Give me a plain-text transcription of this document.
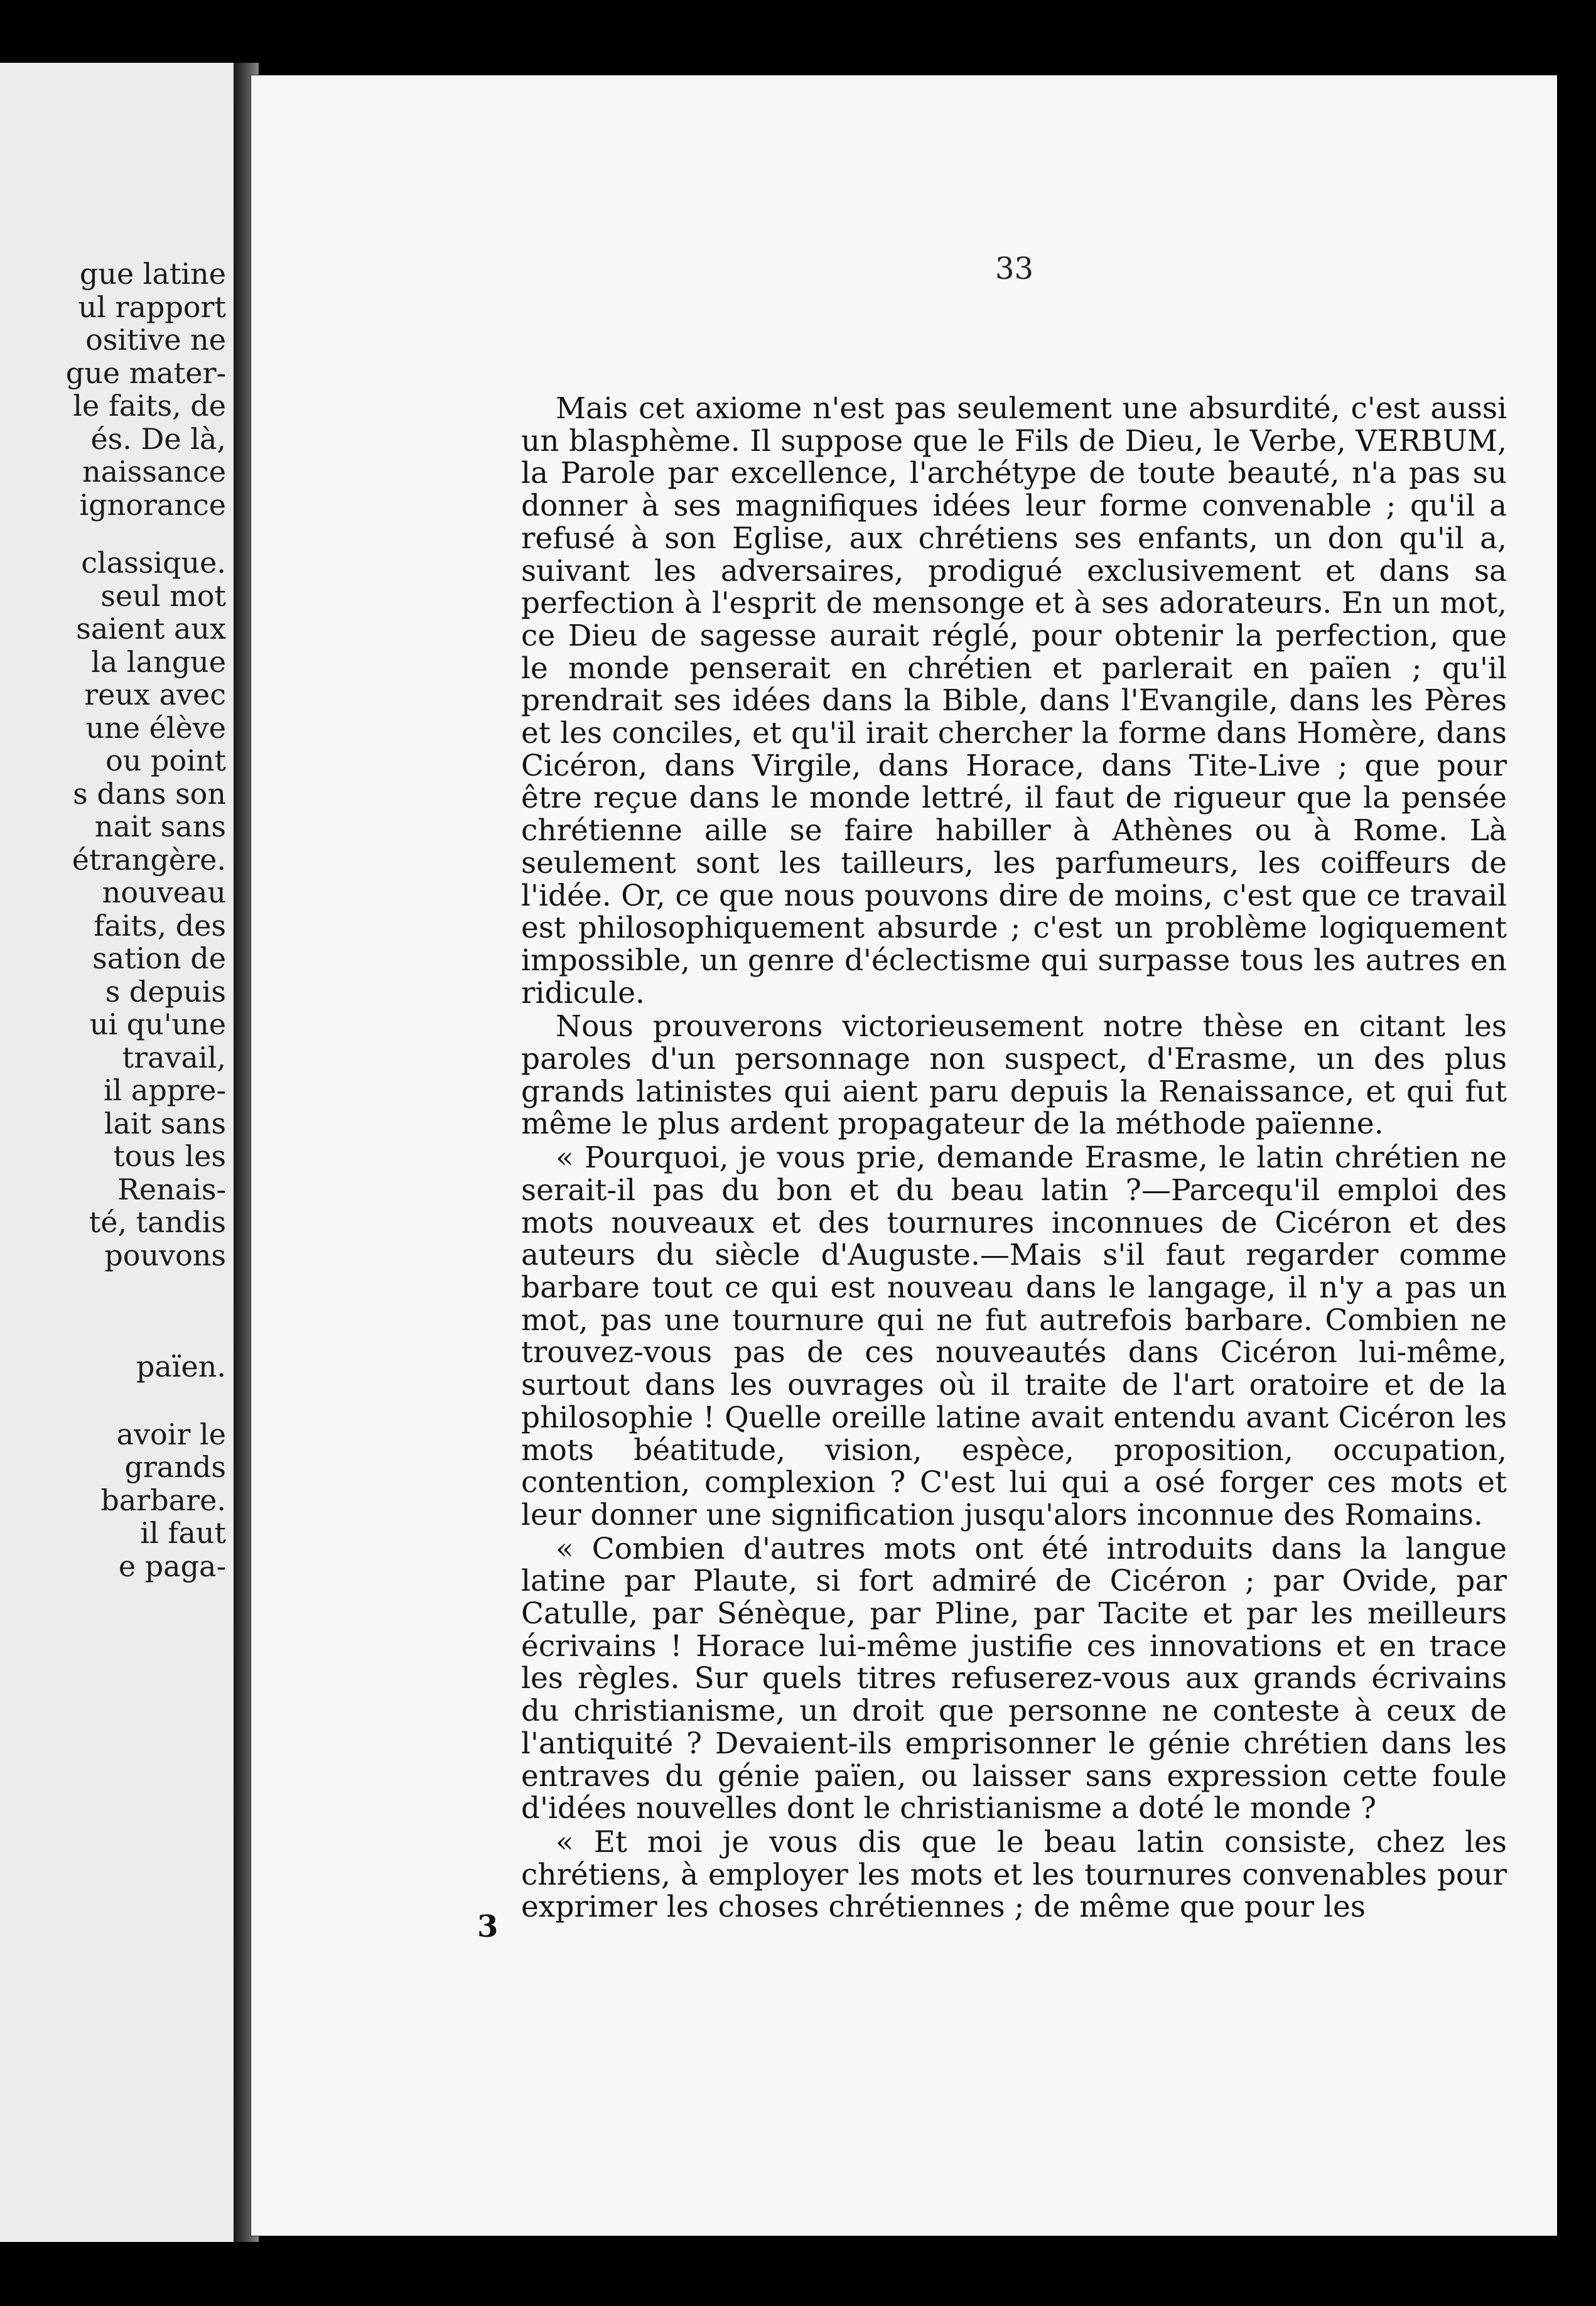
gue latine

ul rapport

ositive ne

gue mater-

le faits, de

és. De là,

naissance

ignorance

classique.

seul mot

saient aux

la langue

reux avec

une élève

ou point

s dans son

nait sans

étrangère.

nouveau

faits, des

sation de

s depuis

ui qu'une

travail,

il appre-

lait sans

tous les

Renais-

té, tandis

pouvons

païen.

avoir le

grands

barbare.

il faut

e paga-

33

Mais cet axiome n'est pas seulement une absurdité, c'est aussi un blasphème. Il suppose que le Fils de Dieu, le Verbe, VERBUM, la Parole par excellence, l'archétype de toute beauté, n'a pas su donner à ses magnifiques idées leur forme convenable ; qu'il a refusé à son Eglise, aux chrétiens ses enfants, un don qu'il a, suivant les adversaires, prodigué exclusivement et dans sa perfection à l'esprit de mensonge et à ses adorateurs. En un mot, ce Dieu de sagesse aurait réglé, pour obtenir la perfection, que le monde penserait en chrétien et parlerait en païen ; qu'il prendrait ses idées dans la Bible, dans l'Evangile, dans les Pères et les conciles, et qu'il irait chercher la forme dans Homère, dans Cicéron, dans Virgile, dans Horace, dans Tite-Live ; que pour être reçue dans le monde lettré, il faut de rigueur que la pensée chrétienne aille se faire habiller à Athènes ou à Rome. Là seulement sont les tailleurs, les parfumeurs, les coiffeurs de l'idée. Or, ce que nous pouvons dire de moins, c'est que ce travail est philosophiquement absurde ; c'est un problème logiquement impossible, un genre d'éclectisme qui surpasse tous les autres en ridicule.

Nous prouverons victorieusement notre thèse en citant les paroles d'un personnage non suspect, d'Erasme, un des plus grands latinistes qui aient paru depuis la Renaissance, et qui fut même le plus ardent propagateur de la méthode païenne.

« Pourquoi, je vous prie, demande Erasme, le latin chrétien ne serait-il pas du bon et du beau latin ?—Parcequ'il emploi des mots nouveaux et des tournures inconnues de Cicéron et des auteurs du siècle d'Auguste.—Mais s'il faut regarder comme barbare tout ce qui est nouveau dans le langage, il n'y a pas un mot, pas une tournure qui ne fut autrefois barbare. Combien ne trouvez-vous pas de ces nouveautés dans Cicéron lui-même, surtout dans les ouvrages où il traite de l'art oratoire et de la philosophie ! Quelle oreille latine avait entendu avant Cicéron les mots béatitude, vision, espèce, proposition, occupation, contention, complexion ? C'est lui qui a osé forger ces mots et leur donner une signification jusqu'alors inconnue des Romains.

« Combien d'autres mots ont été introduits dans la langue latine par Plaute, si fort admiré de Cicéron ; par Ovide, par Catulle, par Sénèque, par Pline, par Tacite et par les meilleurs écrivains ! Horace lui-même justifie ces innovations et en trace les règles. Sur quels titres refuserez-vous aux grands écrivains du christianisme, un droit que personne ne conteste à ceux de l'antiquité ? Devaient-ils emprisonner le génie chrétien dans les entraves du génie païen, ou laisser sans expression cette foule d'idées nouvelles dont le christianisme a doté le monde ?

« Et moi je vous dis que le beau latin consiste, chez les chrétiens, à employer les mots et les tournures convenables pour exprimer les choses chrétiennes ; de même que pour les

3
